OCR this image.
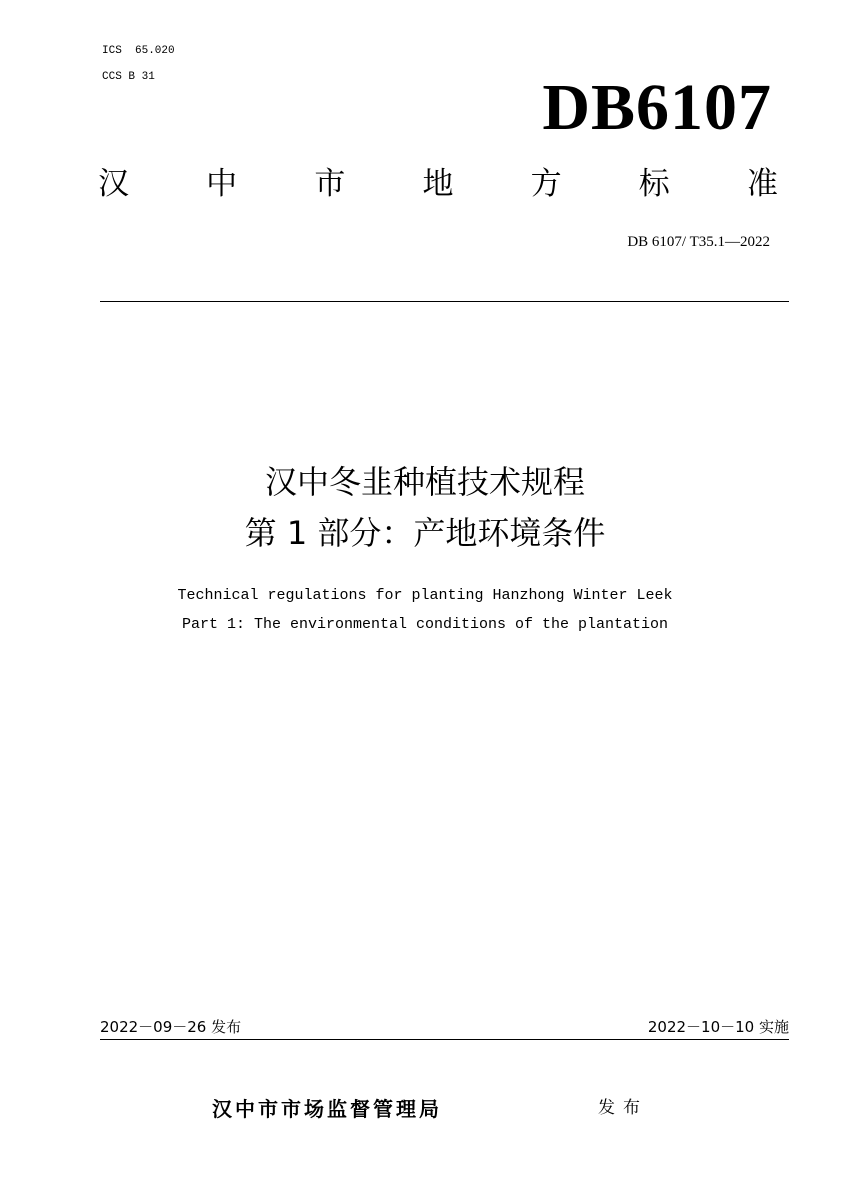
ICS  65.020
CCS B 31	DB6107
汉 中 市 地 方 标 准
DB 6107/ T35.1—2022
汉中冬韭种植技术规程
第 1 部分：产地环境条件
Technical regulations for planting Hanzhong Winter Leek
Part 1: The environmental conditions of the plantation
2022－09－26 发布	2022－10－10 实施
汉中市市场监督管理局	发布
